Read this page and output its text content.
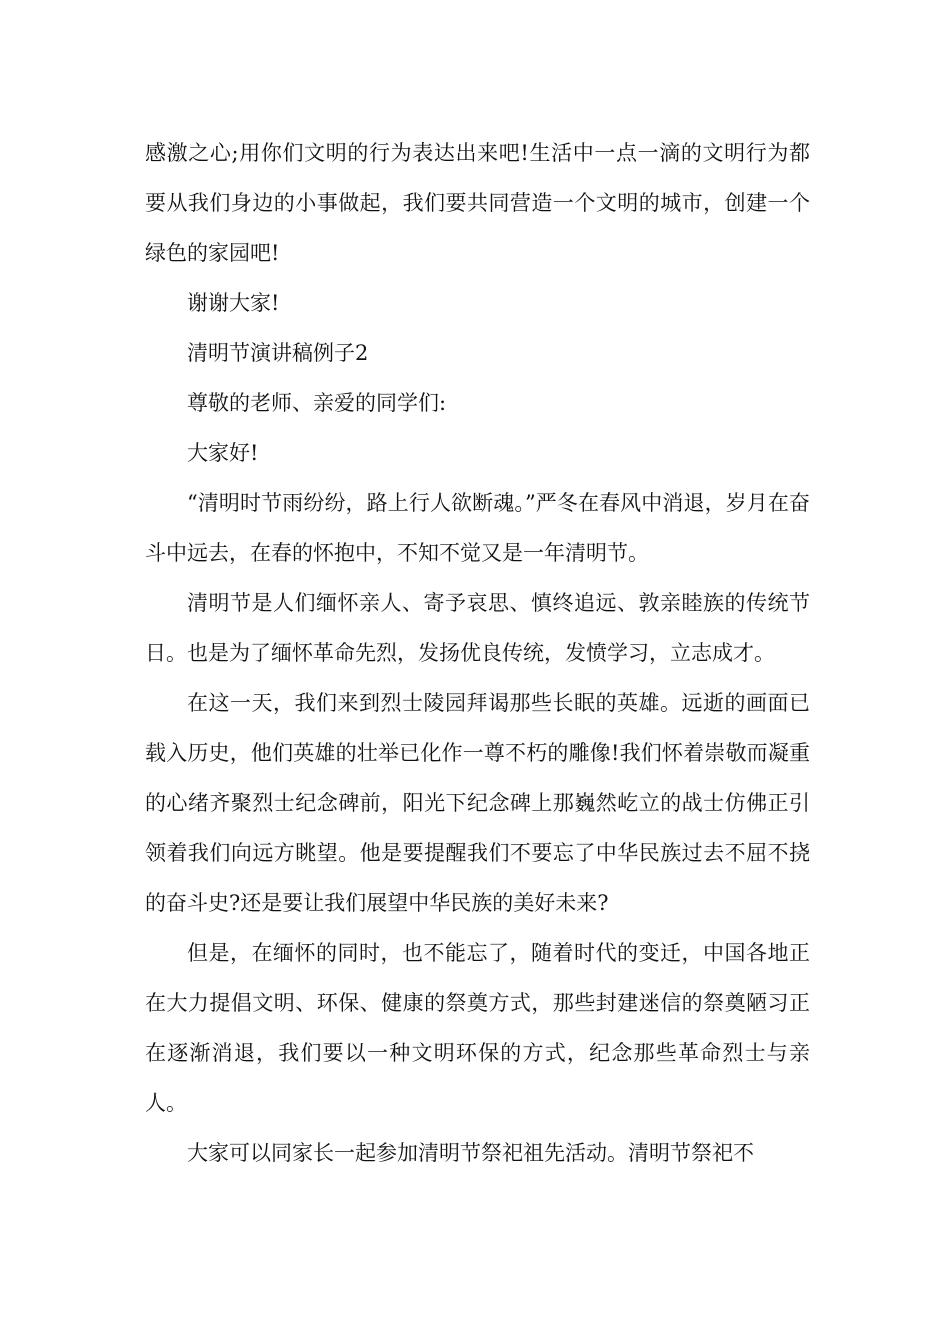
感激之心;用你们文明的行为表达出来吧!生活中一点一滴的文明行为都要从我们身边的小事做起，我们要共同营造一个文明的城市，创建一个绿色的家园吧!

谢谢大家!

清明节演讲稿例子2

尊敬的老师、亲爱的同学们:

大家好!

“清明时节雨纷纷，路上行人欲断魂。”严冬在春风中消退，岁月在奋斗中远去，在春的怀抱中，不知不觉又是一年清明节。

清明节是人们缅怀亲人、寄予哀思、慎终追远、敦亲睦族的传统节日。也是为了缅怀革命先烈，发扬优良传统，发愤学习，立志成才。

在这一天，我们来到烈士陵园拜谒那些长眠的英雄。远逝的画面已载入历史，他们英雄的壮举已化作一尊不朽的雕像!我们怀着崇敬而凝重的心绪齐聚烈士纪念碑前，阳光下纪念碑上那巍然屹立的战士仿佛正引领着我们向远方眺望。他是要提醒我们不要忘了中华民族过去不屈不挠的奋斗史?还是要让我们展望中华民族的美好未来?

但是，在缅怀的同时，也不能忘了，随着时代的变迁，中国各地正在大力提倡文明、环保、健康的祭奠方式，那些封建迷信的祭奠陋习正在逐渐消退，我们要以一种文明环保的方式，纪念那些革命烈士与亲人。

大家可以同家长一起参加清明节祭祀祖先活动。清明节祭祀不
